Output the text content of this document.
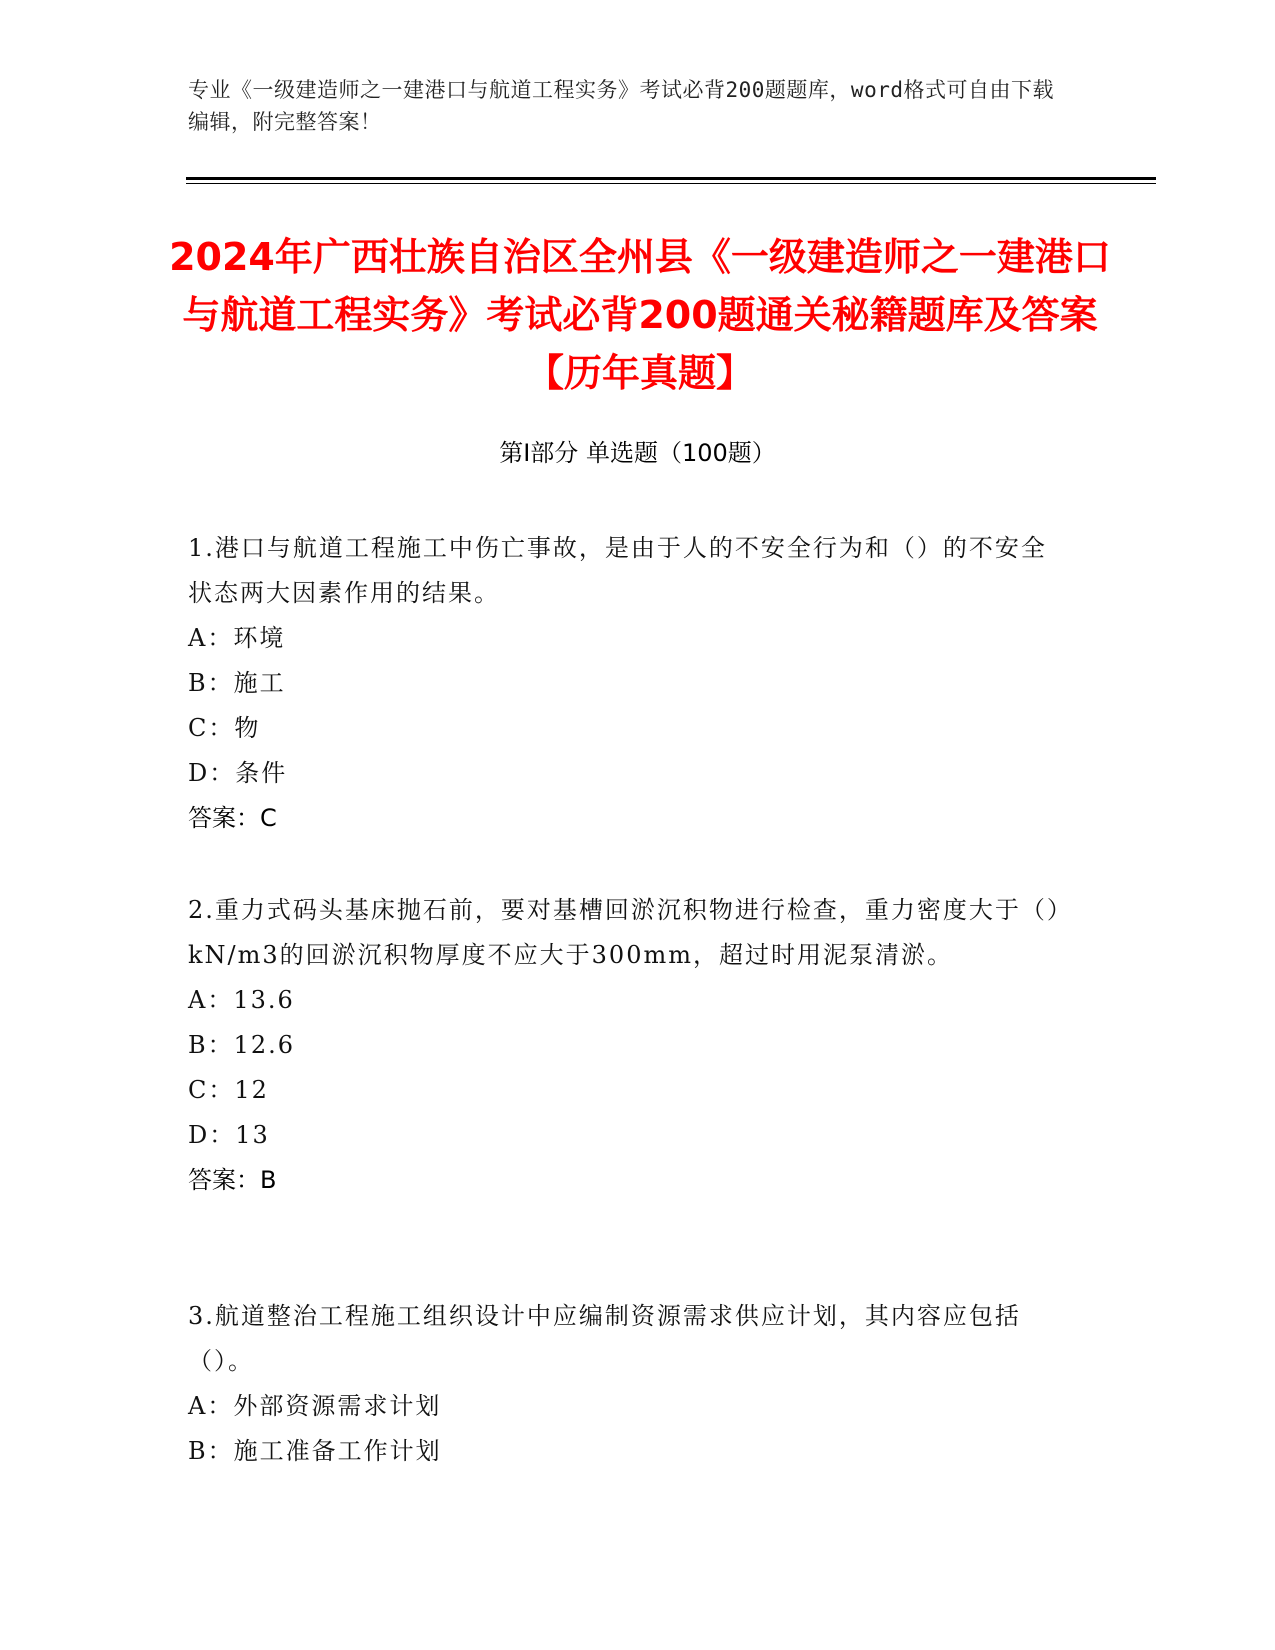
专业《一级建造师之一建港口与航道工程实务》考试必背200题题库，word格式可自由下载编辑，附完整答案！
2024年广西壮族自治区全州县《一级建造师之一建港口与航道工程实务》考试必背200题通关秘籍题库及答案【历年真题】
第I部分 单选题（100题）
1.港口与航道工程施工中伤亡事故，是由于人的不安全行为和（）的不安全状态两大因素作用的结果。
A：环境
B：施工
C：物
D：条件
答案：C
2.重力式码头基床抛石前，要对基槽回淤沉积物进行检查，重力密度大于（）kN/m3的回淤沉积物厚度不应大于300mm，超过时用泥泵清淤。
A：13.6
B：12.6
C：12
D：13
答案：B
3.航道整治工程施工组织设计中应编制资源需求供应计划，其内容应包括（）。
A：外部资源需求计划
B：施工准备工作计划
